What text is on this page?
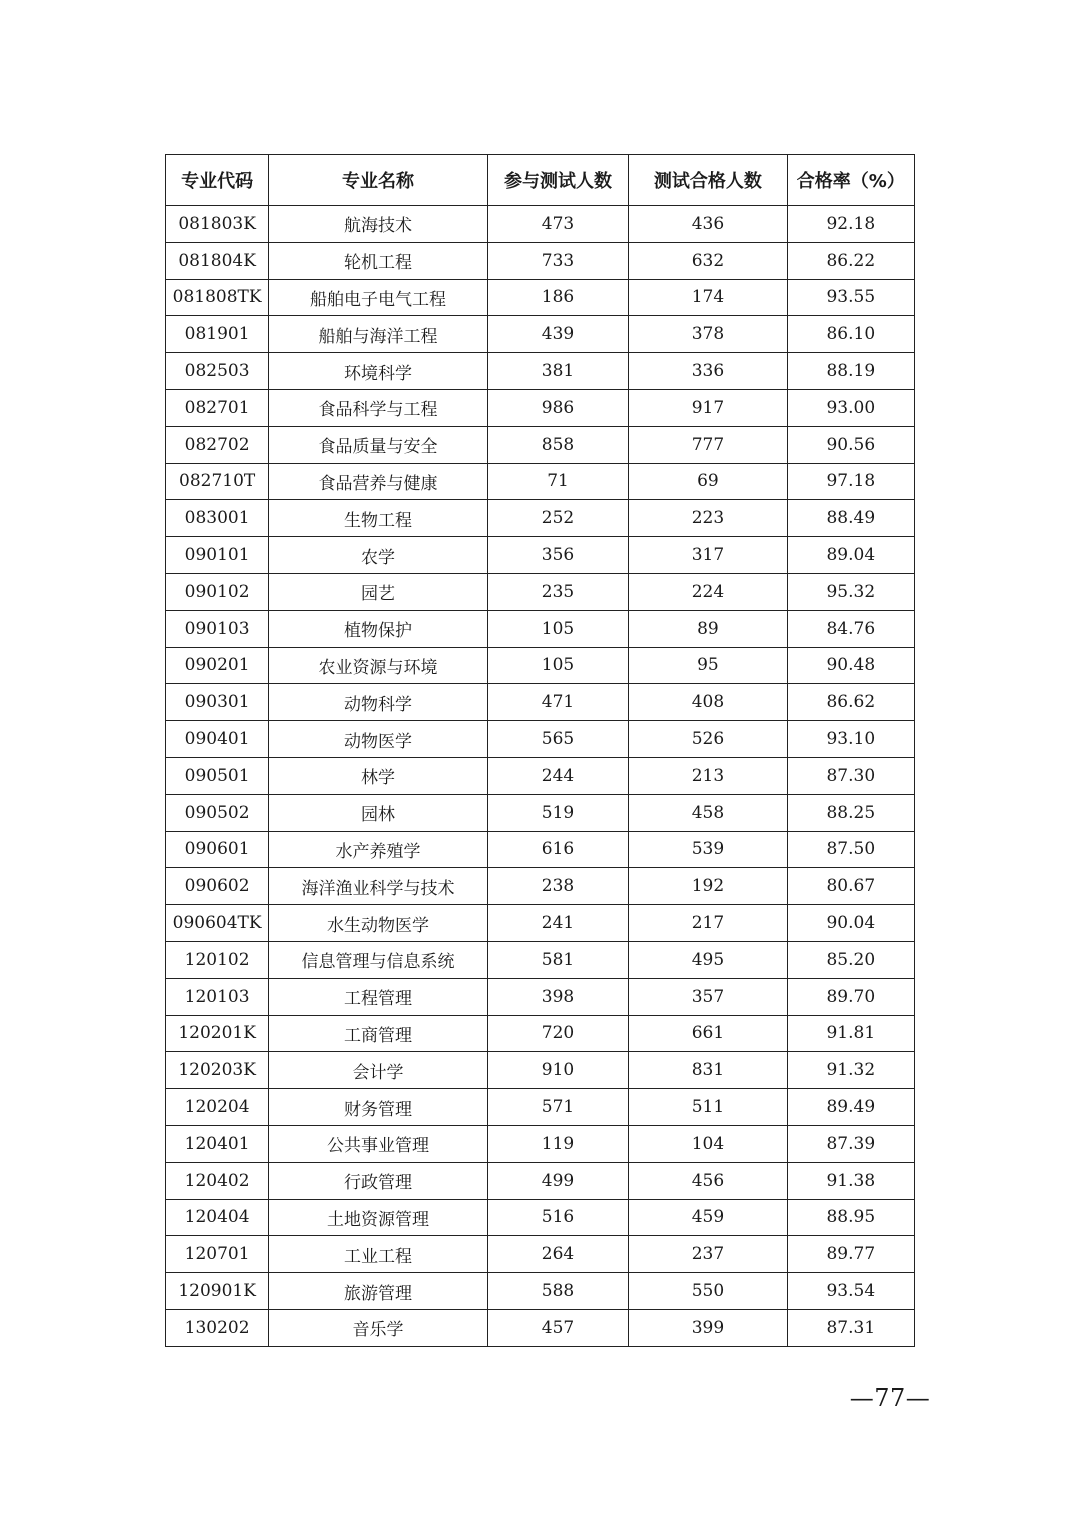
专业代码	专业名称	参与测试人数	测试合格人数	合格率（%）
081803K	航海技术	473	436	92.18
081804K	轮机工程	733	632	86.22
081808TK	船舶电子电气工程	186	174	93.55
081901	船舶与海洋工程	439	378	86.10
082503	环境科学	381	336	88.19
082701	食品科学与工程	986	917	93.00
082702	食品质量与安全	858	777	90.56
082710T	食品营养与健康	71	69	97.18
083001	生物工程	252	223	88.49
090101	农学	356	317	89.04
090102	园艺	235	224	95.32
090103	植物保护	105	89	84.76
090201	农业资源与环境	105	95	90.48
090301	动物科学	471	408	86.62
090401	动物医学	565	526	93.10
090501	林学	244	213	87.30
090502	园林	519	458	88.25
090601	水产养殖学	616	539	87.50
090602	海洋渔业科学与技术	238	192	80.67
090604TK	水生动物医学	241	217	90.04
120102	信息管理与信息系统	581	495	85.20
120103	工程管理	398	357	89.70
120201K	工商管理	720	661	91.81
120203K	会计学	910	831	91.32
120204	财务管理	571	511	89.49
120401	公共事业管理	119	104	87.39
120402	行政管理	499	456	91.38
120404	土地资源管理	516	459	88.95
120701	工业工程	264	237	89.77
120901K	旅游管理	588	550	93.54
130202	音乐学	457	399	87.31
—77—
